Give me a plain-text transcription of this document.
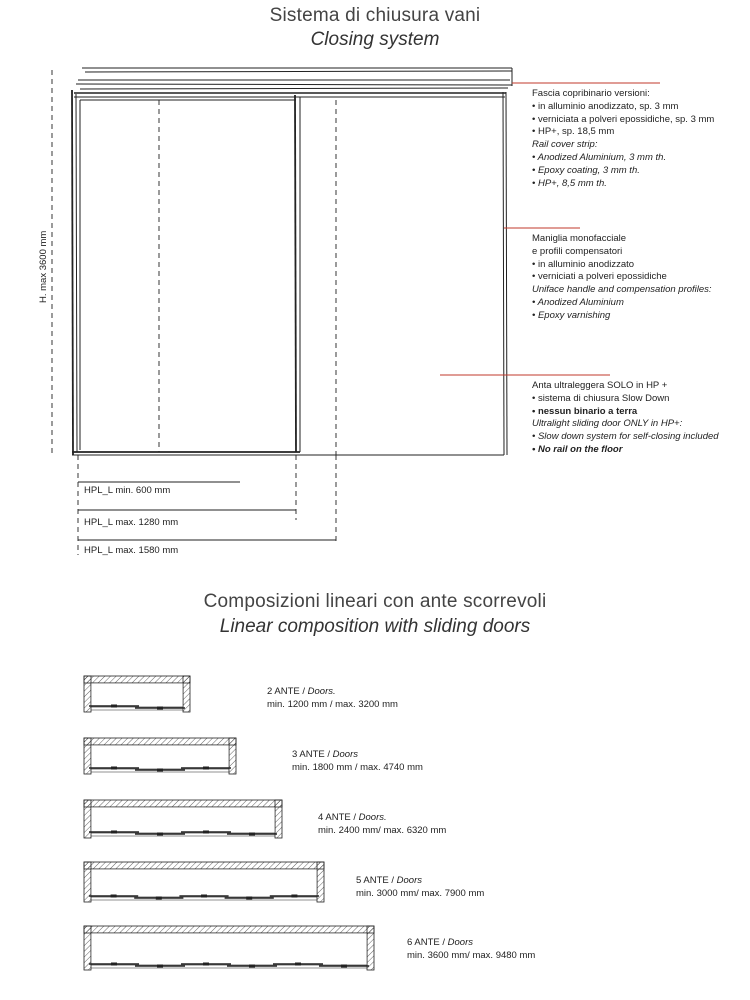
Sistema di chiusura vani
Closing system
H. max 3600 mm
Fascia copribinario versioni:
• in alluminio anodizzato, sp. 3 mm
• verniciata a polveri epossidiche, sp. 3 mm
• HP+, sp. 18,5 mm
Rail cover strip:
• Anodized Aluminium, 3 mm th.
• Epoxy coating, 3 mm th.
• HP+, 8,5 mm th.
Maniglia monofacciale
e profili compensatori
• in alluminio anodizzato
• verniciati a polveri epossidiche
Uniface handle and compensation profiles:
• Anodized Aluminium
• Epoxy varnishing
Anta ultraleggera SOLO in HP +
• sistema di chiusura Slow Down
• nessun binario a terra
Ultralight sliding door ONLY in HP+:
• Slow down system for self-closing included
• No rail on the floor
HPL_L min. 600 mm
HPL_L max. 1280 mm
HPL_L max. 1580 mm
Composizioni lineari con ante scorrevoli
Linear composition with sliding doors
2 ANTE / Doors.
min. 1200 mm / max. 3200 mm
3 ANTE / Doors
min. 1800 mm / max. 4740 mm
4 ANTE / Doors.
min. 2400 mm/ max. 6320 mm
5 ANTE / Doors
min. 3000 mm/ max. 7900 mm
6 ANTE / Doors
min. 3600 mm/ max. 9480 mm
